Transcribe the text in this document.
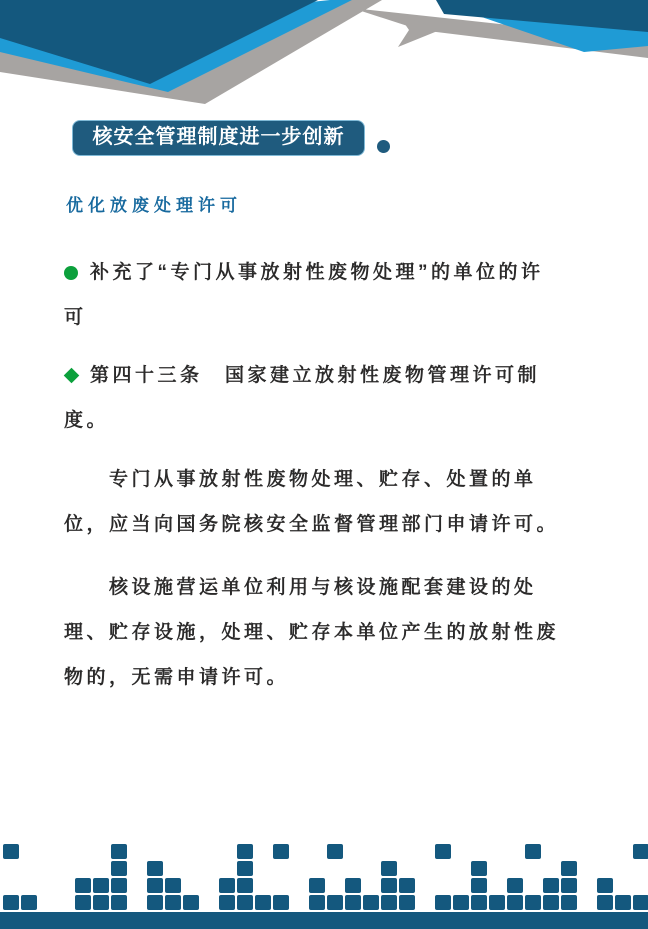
核安全管理制度进一步创新
优化放废处理许可
补充了“专门从事放射性废物处理”的单位的许
可
第四十三条　国家建立放射性废物管理许可制
度。
　　专门从事放射性废物处理、贮存、处置的单
位，应当向国务院核安全监督管理部门申请许可。
　　核设施营运单位利用与核设施配套建设的处
理、贮存设施，处理、贮存本单位产生的放射性废
物的，无需申请许可。
